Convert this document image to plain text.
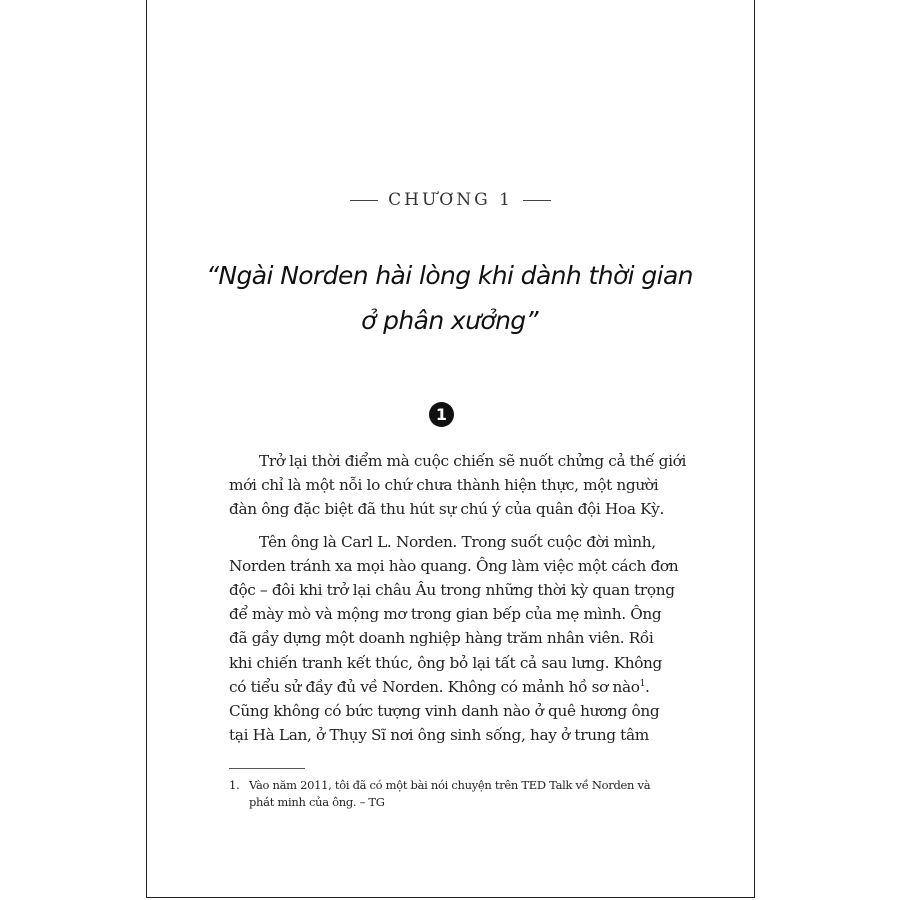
CHƯƠNG 1
“Ngài Norden hài lòng khi dành thời gian
ở phân xưởng”
1
Trở lại thời điểm mà cuộc chiến sẽ nuốt chửng cả thế giới
mới chỉ là một nỗi lo chứ chưa thành hiện thực, một người
đàn ông đặc biệt đã thu hút sự chú ý của quân đội Hoa Kỳ.
Tên ông là Carl L. Norden. Trong suốt cuộc đời mình,
Norden tránh xa mọi hào quang. Ông làm việc một cách đơn
độc – đôi khi trở lại châu Âu trong những thời kỳ quan trọng
để mày mò và mộng mơ trong gian bếp của mẹ mình. Ông
đã gầy dựng một doanh nghiệp hàng trăm nhân viên. Rồi
khi chiến tranh kết thúc, ông bỏ lại tất cả sau lưng. Không
có tiểu sử đầy đủ về Norden. Không có mảnh hồ sơ nào$^1$.
Cũng không có bức tượng vinh danh nào ở quê hương ông
tại Hà Lan, ở Thụy Sĩ nơi ông sinh sống, hay ở trung tâm
1. Vào năm 2011, tôi đã có một bài nói chuyện trên TED Talk về Norden và
phát minh của ông. – TG
